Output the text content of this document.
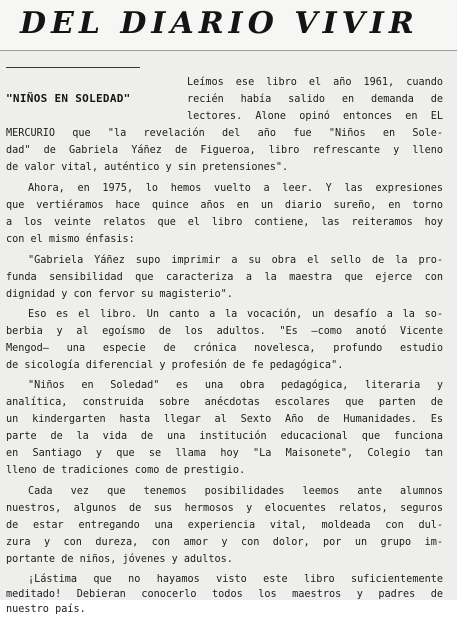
DEL DIARIO VIVIR
"NIÑOS EN SOLEDAD"
Leímos ese libro el año 1961, cuando
recién había salido en demanda de
lectores. Alone opinó entonces en EL
MERCURIO que "la revelación del año fue "Niños en Sole-
dad" de Gabriela Yáñez de Figueroa, libro refrescante y lleno
de valor vital, auténtico y sin pretensiones".
Ahora, en 1975, lo hemos vuelto a leer. Y las expresiones
que vertiéramos hace quince años en un diario sureño, en torno
a los veinte relatos que el libro contiene, las reiteramos hoy
con el mismo énfasis:
"Gabriela Yáñez supo imprimir a su obra el sello de la pro-
funda sensibilidad que caracteriza a la maestra que ejerce con
dignidad y con fervor su magisterio".
Eso es el libro. Un canto a la vocación, un desafío a la so-
berbia y al egoísmo de los adultos. "Es —como anotó Vicente
Mengod— una especie de crónica novelesca, profundo estudio
de sicología diferencial y profesión de fe pedagógica".
"Niños en Soledad" es una obra pedagógica, literaria y
analítica, construida sobre anécdotas escolares que parten de
un kindergarten hasta llegar al Sexto Año de Humanidades. Es
parte de la vida de una institución educacional que funciona
en Santiago y que se llama hoy "La Maisonete", Colegio tan
lleno de tradiciones como de prestigio.
Cada vez que tenemos posibilidades leemos ante alumnos
nuestros, algunos de sus hermosos y elocuentes relatos, seguros
de estar entregando una experiencia vital, moldeada con dul-
zura y con dureza, con amor y con dolor, por un grupo im-
portante de niños, jóvenes y adultos.
¡Lástima que no hayamos visto este libro suficientemente
meditado! Debieran conocerlo todos los maestros y padres de
nuestro país.
